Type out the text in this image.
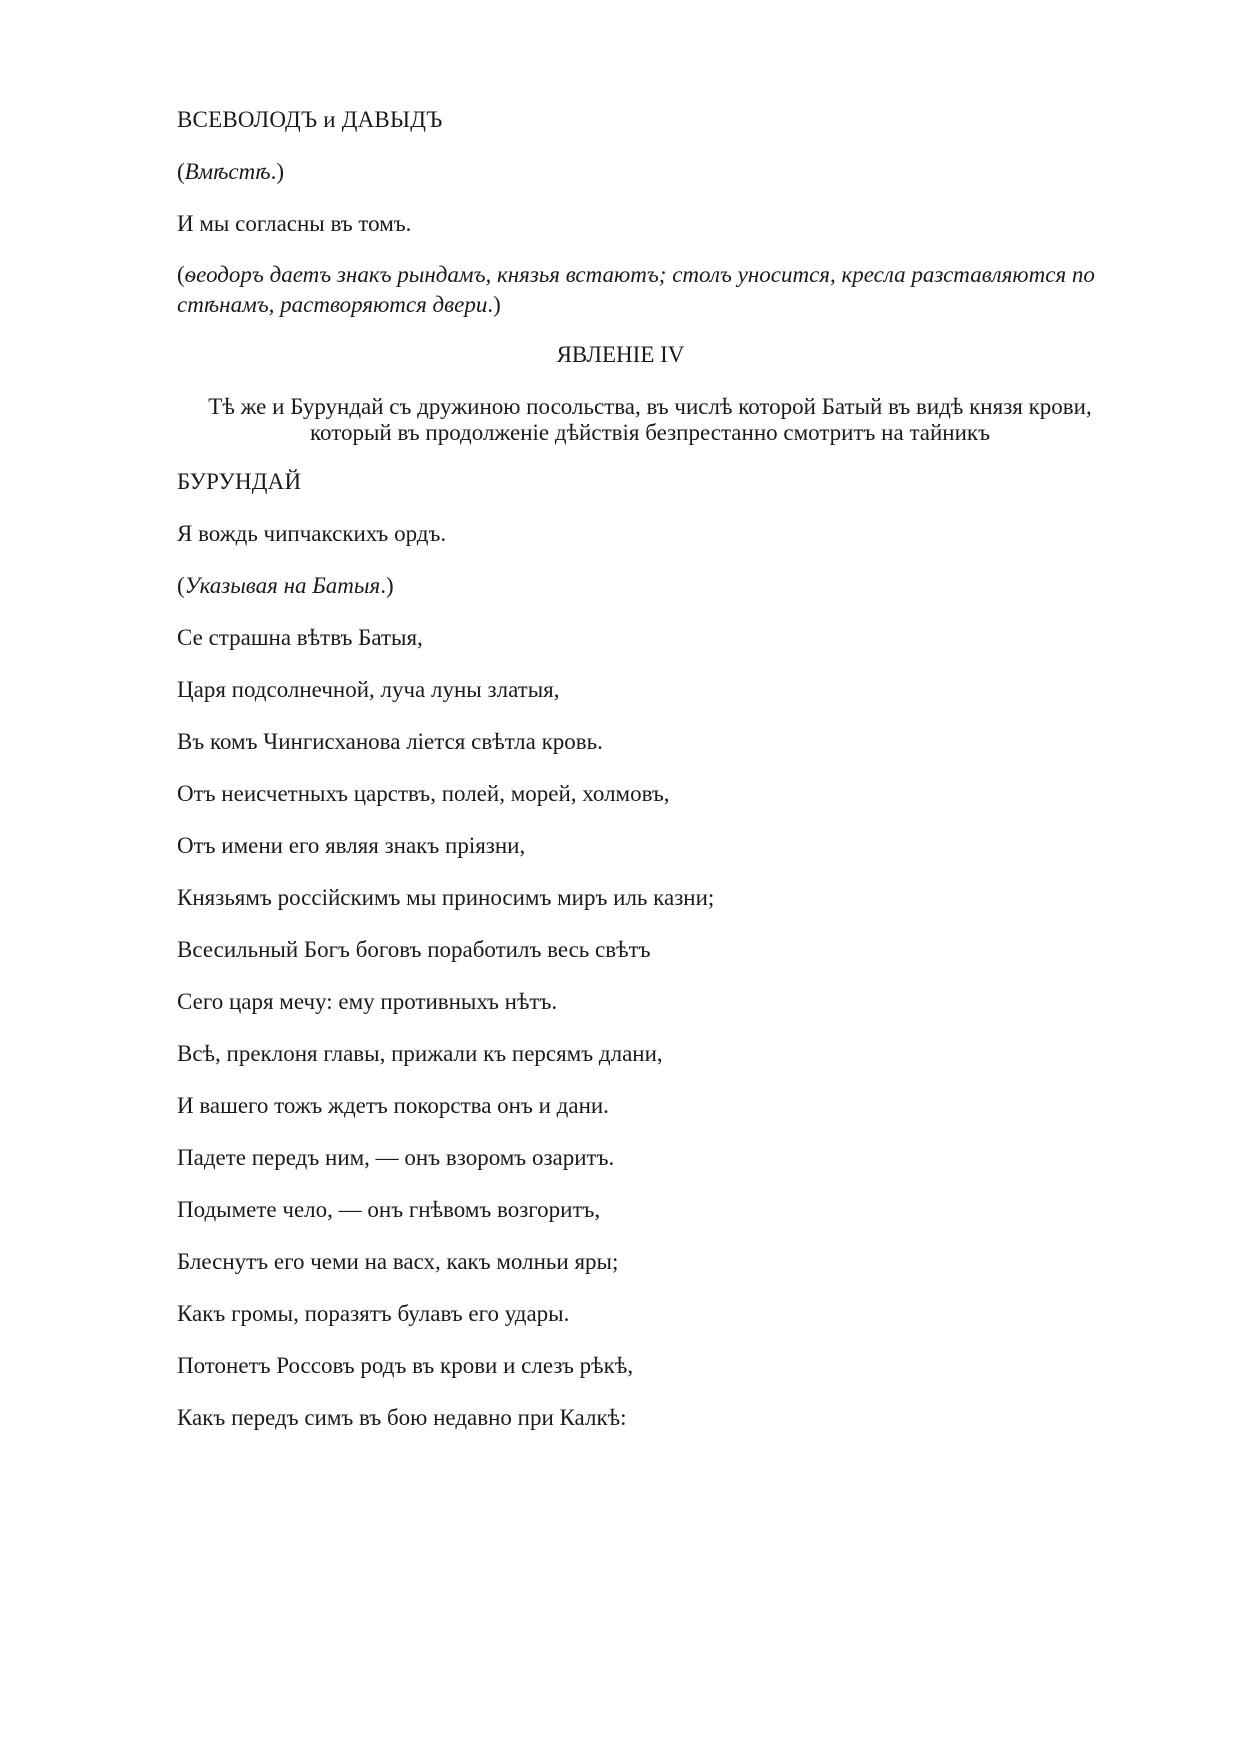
ВСЕВОЛОДЪ и ДАВЫДЪ

(Вмѣстѣ.)

И мы согласны въ томъ.

(ѳеодоръ даетъ знакъ рындамъ, князья встаютъ; столъ уносится, кресла разставляются по стѣнамъ, растворяются двери.)

ЯВЛЕНIЕ IV

Тѣ же и Бурундай съ дружиною посольства, въ числѣ которой Батый въ видѣ князя крови,

который въ продолженiе дѣйствiя безпрестанно смотритъ на тайникъ

БУРУНДАЙ

Я вождь чипчакскихъ ордъ.

(Указывая на Батыя.)

Се страшна вѣтвъ Батыя,

Царя подсолнечной, луча луны златыя,

Въ комъ Чингисханова лiется свѣтла кровь.

Отъ неисчетныхъ царствъ, полей, морей, холмовъ,

Отъ имени его являя знакъ прiязни,

Князьямъ россiйскимъ мы приносимъ миръ иль казни;

Всесильный Богъ боговъ поработилъ весь свѣтъ

Сего царя мечу: ему противныхъ нѣтъ.

Всѣ, преклоня главы, прижали къ персямъ длани,

И вашего тожъ ждетъ покорства онъ и дани.

Падете передъ ним, — онъ взоромъ озаритъ.

Подымете чело, — онъ гнѣвомъ возгоритъ,

Блеснутъ его чеми на васх, какъ молньи яры;

Какъ громы, поразятъ булавъ его удары.

Потонетъ Россовъ родъ въ крови и слезъ рѣкѣ,

Какъ передъ симъ въ бою недавно при Калкѣ:
